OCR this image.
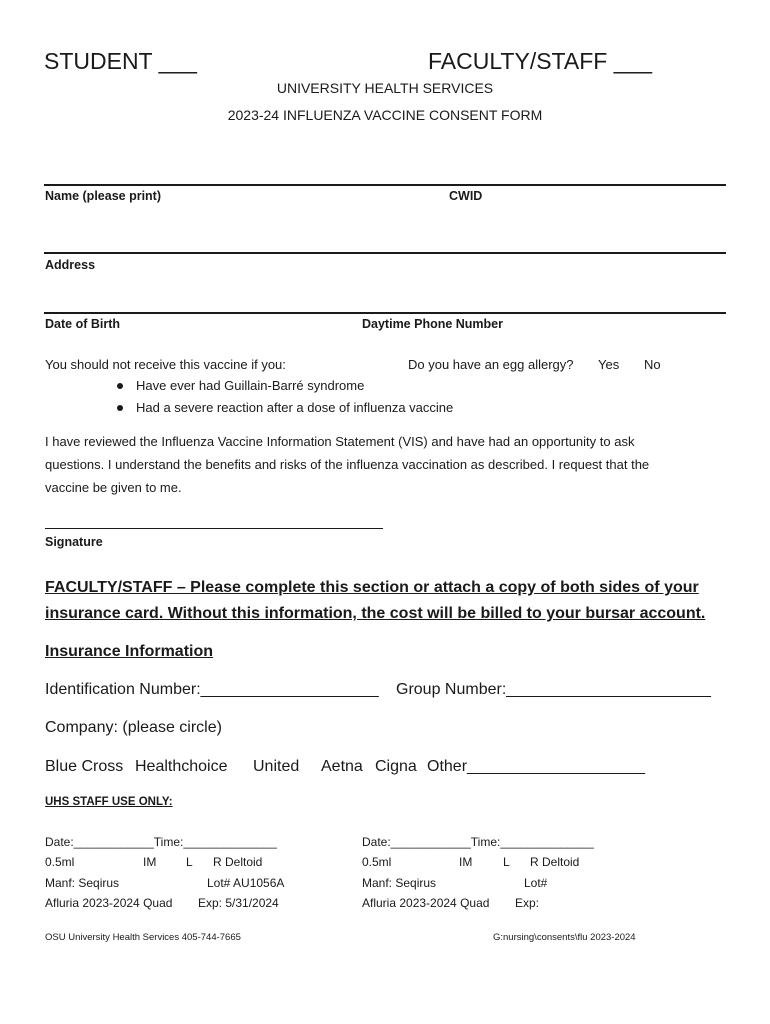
STUDENT ___	FACULTY/STAFF ___
UNIVERSITY HEALTH SERVICES
2023-24 INFLUENZA VACCINE CONSENT FORM
Name (please print)	CWID
Address
Date of Birth	Daytime Phone Number
You should not receive this vaccine if you:	Do you have an egg allergy? Yes No
Have ever had Guillain-Barré syndrome
Had a severe reaction after a dose of influenza vaccine
I have reviewed the Influenza Vaccine Information Statement (VIS) and have had an opportunity to ask
questions. I understand the benefits and risks of the influenza vaccination as described. I request that the
vaccine be given to me.
Signature
FACULTY/STAFF – Please complete this section or attach a copy of both sides of your
insurance card. Without this information, the cost will be billed to your bursar account.
Insurance Information
Identification Number:____________________ Group Number:_______________________
Company: (please circle)
Blue Cross Healthchoice United Aetna Cigna Other____________________
UHS STAFF USE ONLY:
Date:____________Time:______________
0.5ml	IM L R Deltoid
Manf: Seqirus	Lot# AU1056A
Afluria 2023-2024 Quad Exp: 5/31/2024
Date:____________Time:______________
0.5ml	IM	L R Deltoid
Manf: Seqirus	Lot#
Afluria 2023-2024 Quad Exp:
OSU University Health Services 405-744-7665	G:nursing\consents\flu 2023-2024
